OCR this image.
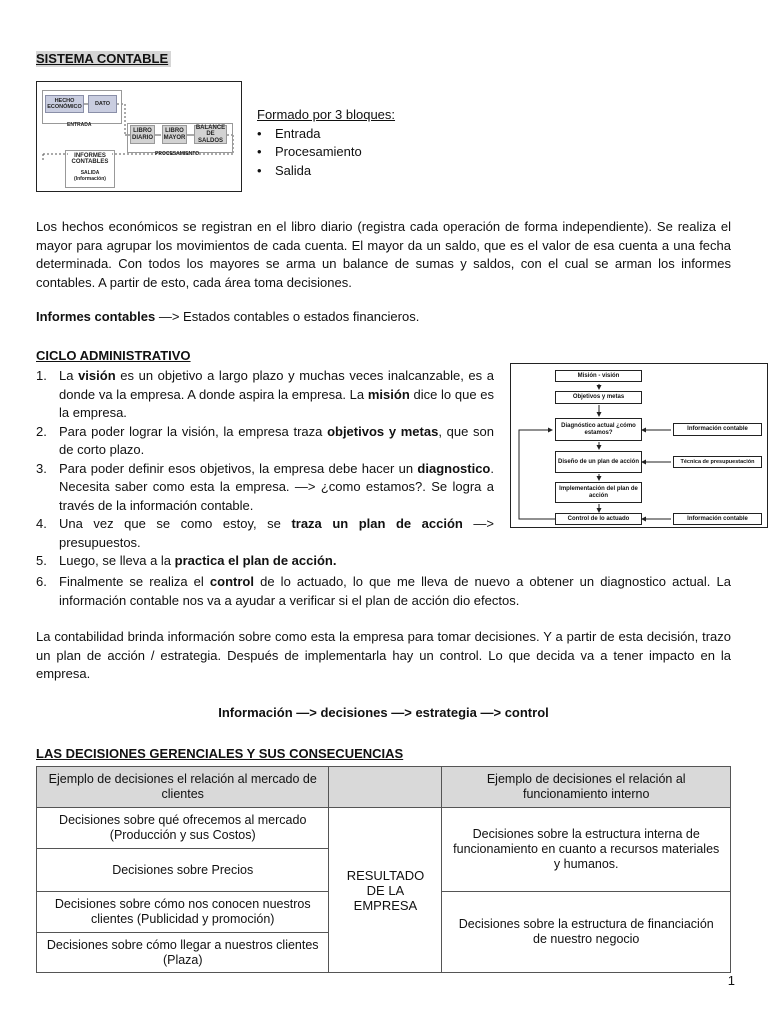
SISTEMA CONTABLE
HECHO ECONÓMICO	DATO
ENTRADA
LIBRO DIARIO
LIBRO MAYOR
BALANCE DE SALDOS
PROCESAMIENTO
INFORMES CONTABLES
SALIDA (Información)
Formado por 3 bloques:
• Entrada
• Procesamiento
• Salida

Los hechos económicos se registran en el libro diario (registra cada operación de forma independiente). Se realiza el mayor para agrupar los movimientos de cada cuenta. El mayor da un saldo, que es el valor de esa cuenta a una fecha determinada. Con todos los mayores se arma un balance de sumas y saldos, con el cual se arman los informes contables. A partir de esto, cada área toma decisiones.

Informes contables —> Estados contables o estados financieros.
CICLO ADMINISTRATIVO
1. La visión es un objetivo a largo plazo y muchas veces inalcanzable, es a donde va la empresa. A donde aspira la empresa. La misión dice lo que es la empresa.
2. Para poder lograr la visión, la empresa traza objetivos y metas, que son de corto plazo.
3. Para poder definir esos objetivos, la empresa debe hacer un diagnostico. Necesita saber como esta la empresa. —> ¿como estamos?. Se logra a través de la información contable.
4. Una vez que se como estoy, se traza un plan de acción —> presupuestos.
5. Luego, se lleva a la practica el plan de acción.
6. Finalmente se realiza el control de lo actuado, lo que me lleva de nuevo a obtener un diagnostico actual. La información contable nos va a ayudar a verificar si el plan de acción dio efectos.
Misión - visión
Objetivos y metas
Diagnóstico actual ¿cómo estamos?
Diseño de un plan de acción
Implementación del plan de acción
Control de lo actuado
Información contable
Técnica de presupuestación
Información contable

La contabilidad brinda información sobre como esta la empresa para tomar decisiones. Y a partir de esta decisión, trazo un plan de acción / estrategia. Después de implementarla hay un control. Lo que decida va a tener impacto en la empresa.

Información —> decisiones —> estrategia —> control
LAS DECISIONES GERENCIALES Y SUS CONSECUENCIAS
Ejemplo de decisiones el relación al mercado de clientes		Ejemplo de decisiones el relación al funcionamiento interno
Decisiones sobre qué ofrecemos al mercado (Producción y sus Costos)	RESULTADO DE LA EMPRESA	Decisiones sobre la estructura interna de funcionamiento en cuanto a recursos materiales y humanos.
Decisiones sobre Precios		
Decisiones sobre cómo nos conocen nuestros clientes (Publicidad y promoción)		Decisiones sobre la estructura de financiación de nuestro negocio
Decisiones sobre cómo llegar a nuestros clientes (Plaza)		
1
